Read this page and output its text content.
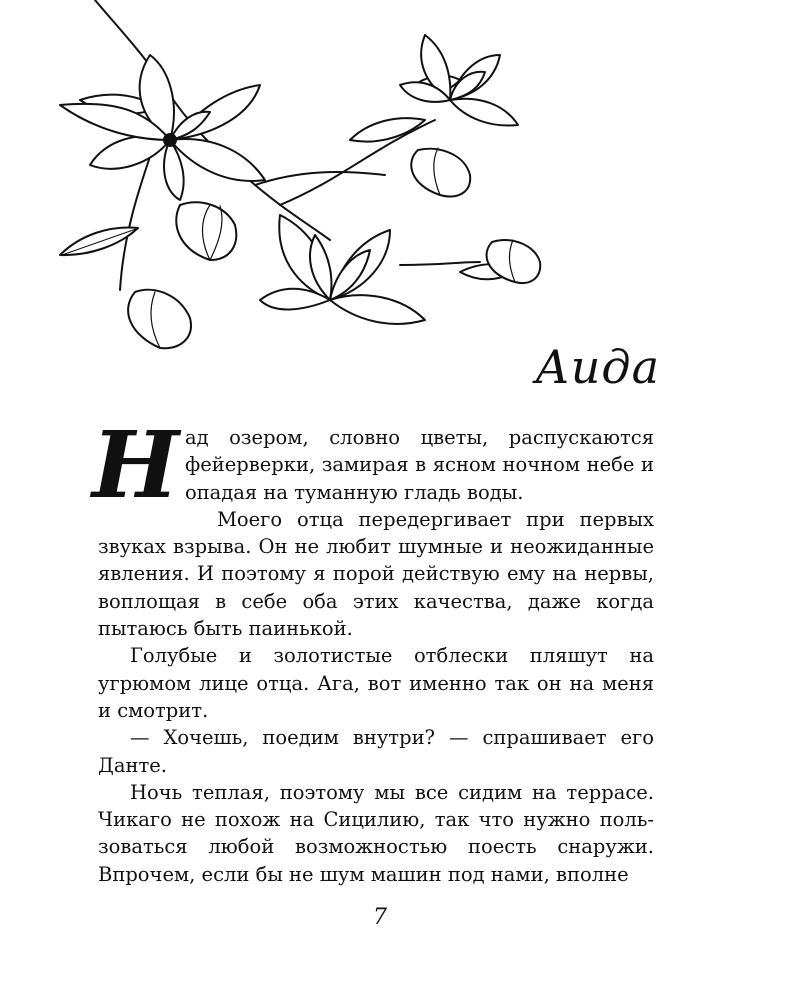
Аида

Над озером, словно цветы, распускаются фейерверки, замирая в ясном ночном небе и опадая на туманную гладь воды.

Моего отца передергивает при первых звуках взрыва. Он не любит шумные и неожиданные явления. И поэтому я порой действую ему на нервы, воплощая в себе оба этих качества, даже когда пытаюсь быть паинькой.

Голубые и золотистые отблески пляшут на угрюмом лице отца. Ага, вот именно так он на меня и смотрит.

— Хочешь, поедим внутри? — спрашивает его Данте.

Ночь теплая, поэтому мы все сидим на террасе. Чикаго не похож на Сицилию, так что нужно пользоваться любой возможностью поесть снаружи. Впрочем, если бы не шум машин под нами, вполне

7
